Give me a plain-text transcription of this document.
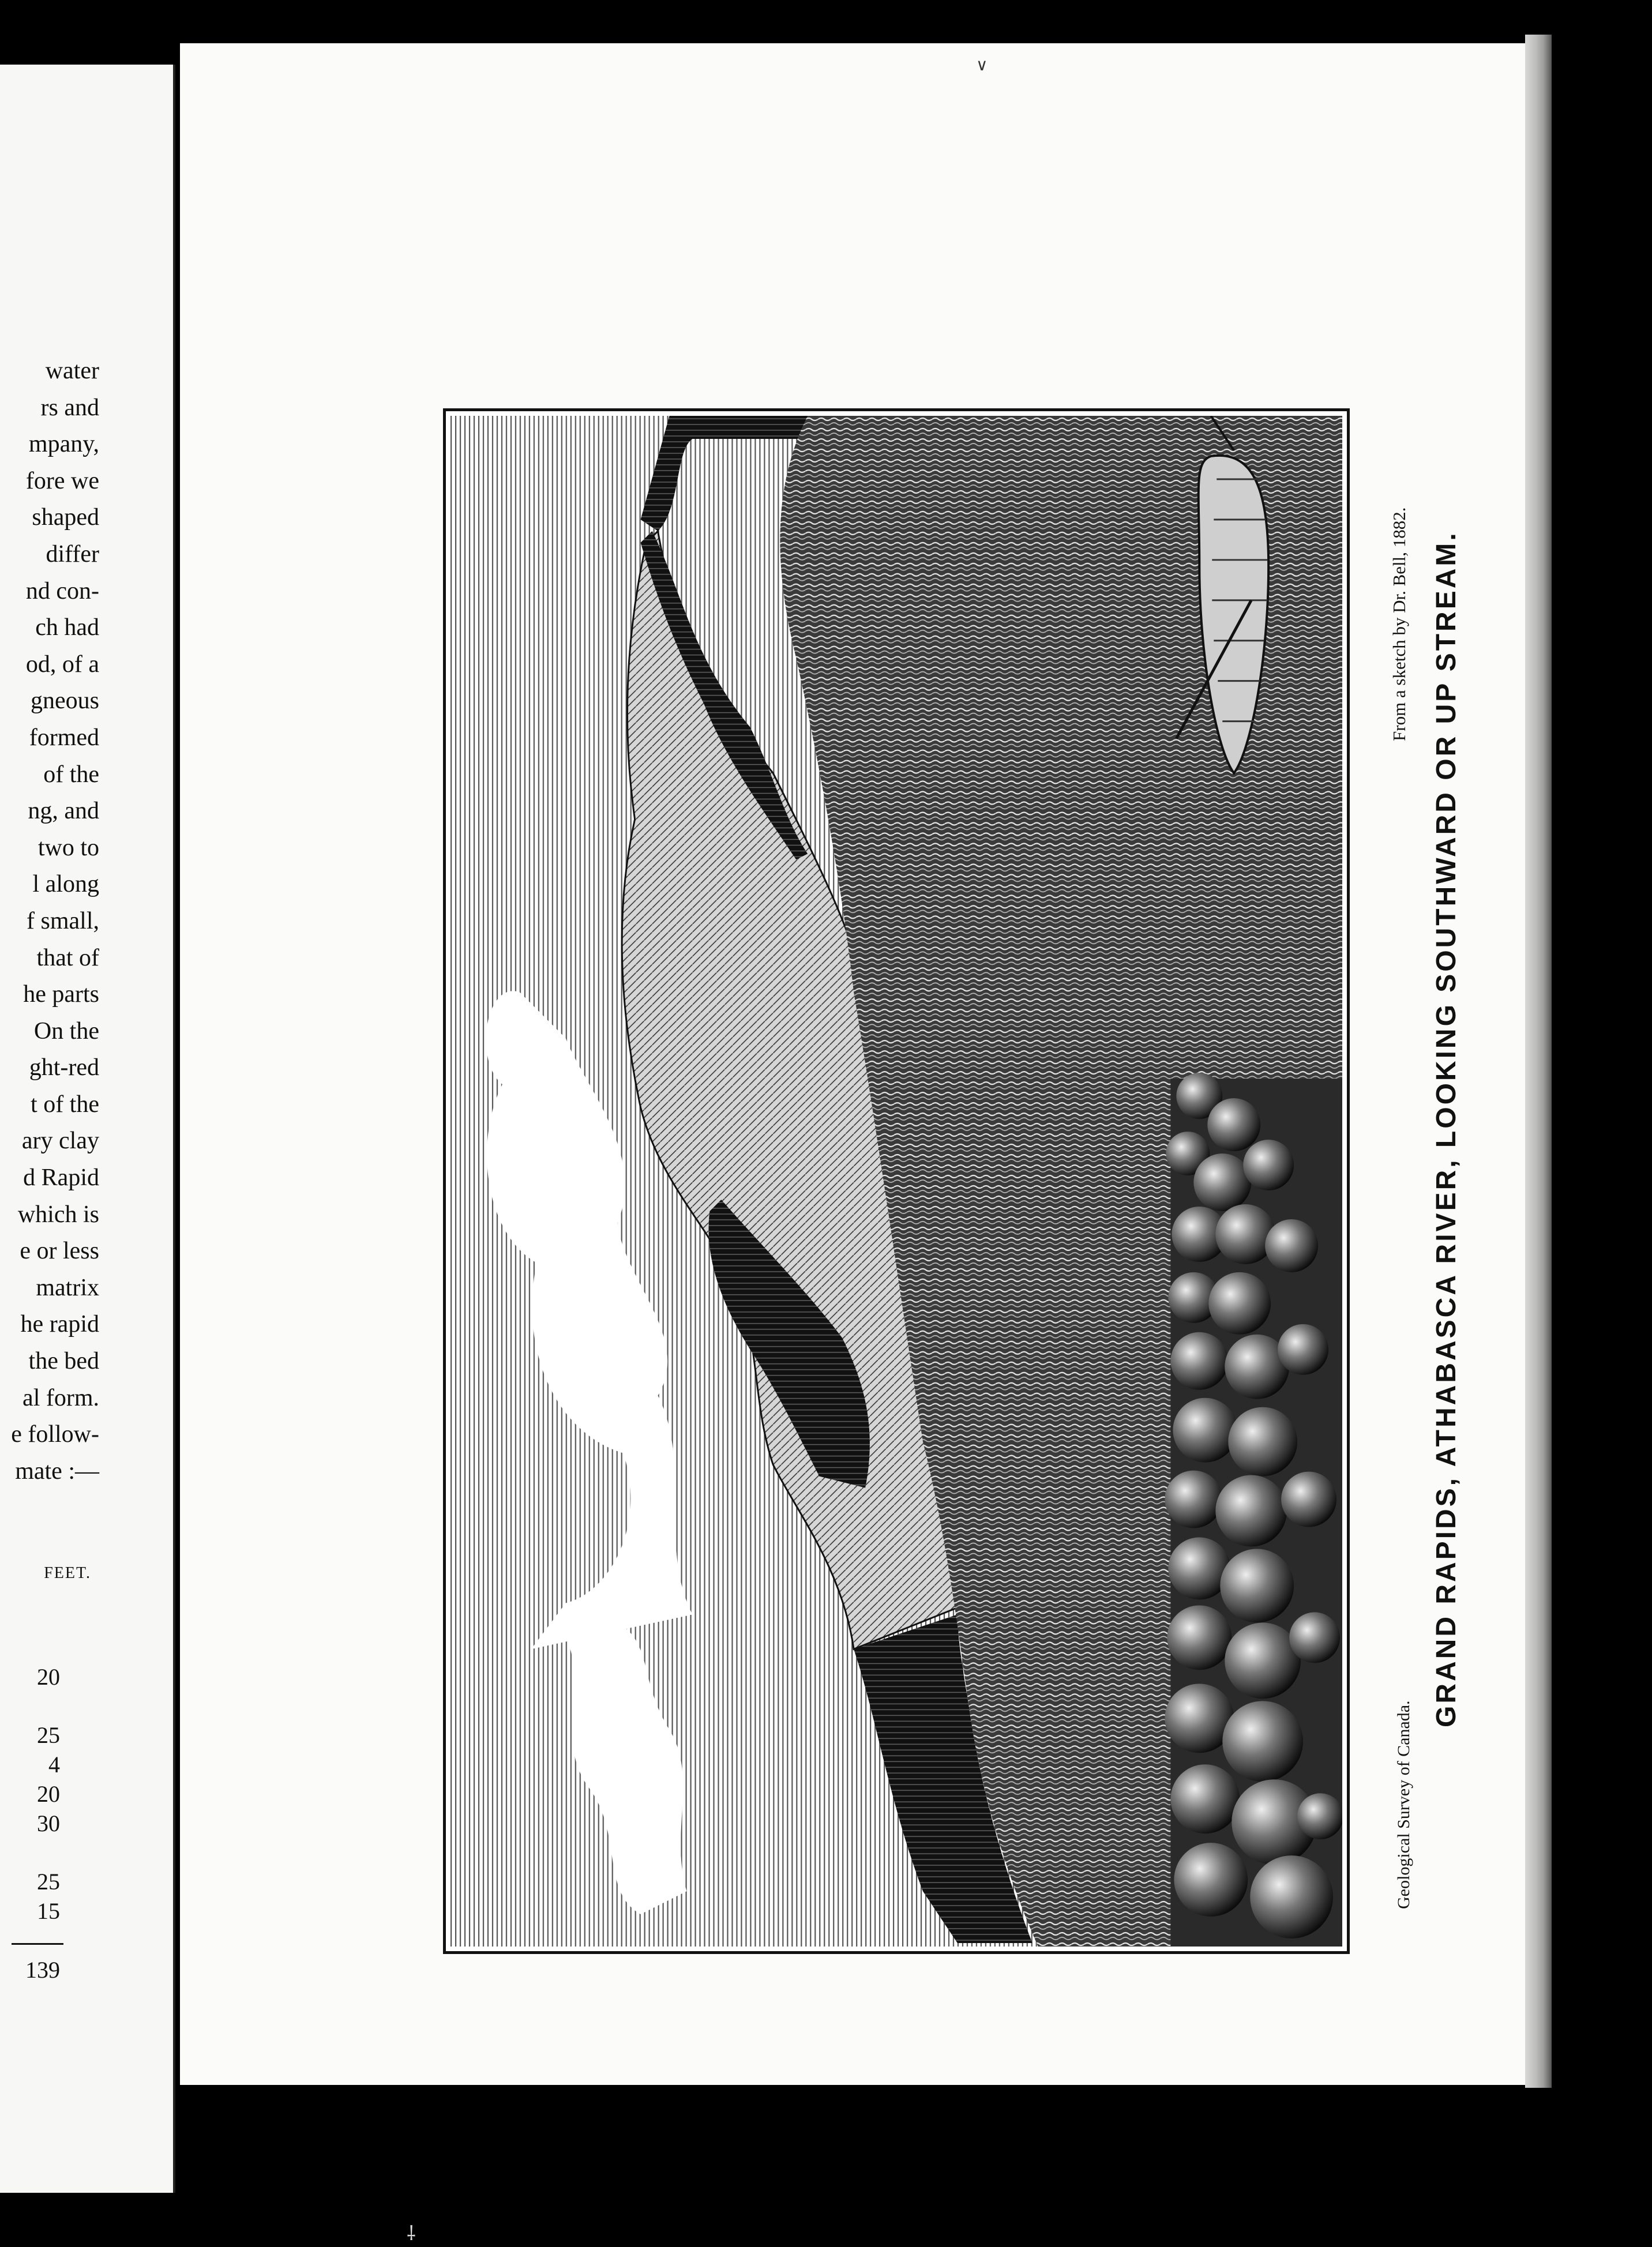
water
rs and
mpany,
fore we
shaped
differ
nd con-
ch had
od, of a
gneous
formed
of the
ng, and
two to
l along
f small,
that of
he parts
On the
ght-red
t of the
ary clay
d Rapid
which is
e or less
matrix
he rapid
the bed
al form.
e follow-
mate :—
FEET.
20
25
4
20
30
25
15
139
∨
Geological Survey of Canada.
From a sketch by Dr. Bell, 1882. GRAND RAPIDS, ATHABASCA RIVER, LOOKING SOUTHWARD OR UP STREAM.
⸸
